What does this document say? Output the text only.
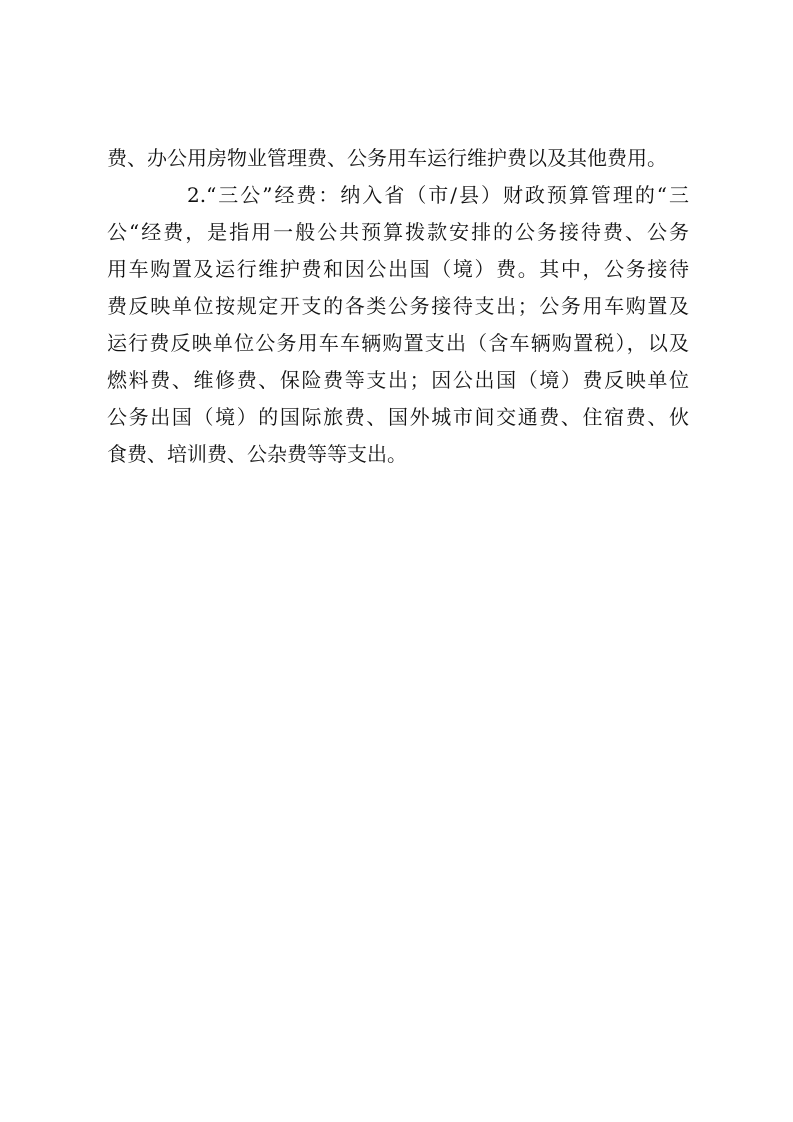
费、办公用房物业管理费、公务用车运行维护费以及其他费用。
2.“三公”经费：纳入省（市/县）财政预算管理的“三
公“经费，是指用一般公共预算拨款安排的公务接待费、公务
用车购置及运行维护费和因公出国（境）费。其中，公务接待
费反映单位按规定开支的各类公务接待支出；公务用车购置及
运行费反映单位公务用车车辆购置支出（含车辆购置税），以及
燃料费、维修费、保险费等支出；因公出国（境）费反映单位
公务出国（境）的国际旅费、国外城市间交通费、住宿费、伙
食费、培训费、公杂费等等支出。
